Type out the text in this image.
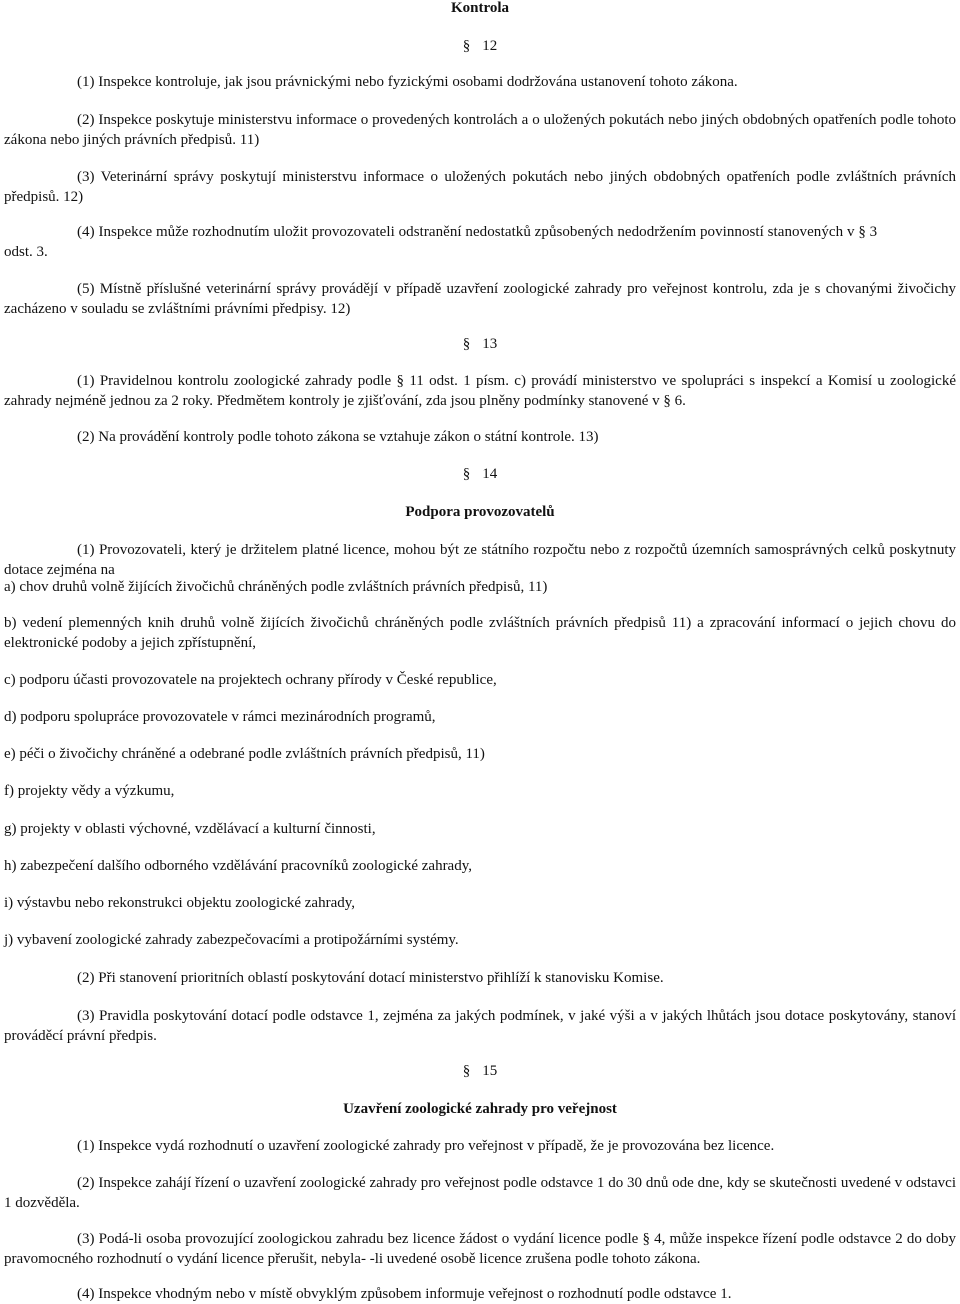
Kontrola
§ 12
(1) Inspekce kontroluje, jak jsou právnickými nebo fyzickými osobami dodržována ustanovení tohoto zákona.
(2) Inspekce poskytuje ministerstvu informace o provedených kontrolách a o uložených pokutách nebo jiných obdobných opatřeních podle tohoto zákona nebo jiných právních předpisů. 11)
(3) Veterinární správy poskytují ministerstvu informace o uložených pokutách nebo jiných obdobných opatřeních podle zvláštních právních předpisů. 12)
(4) Inspekce může rozhodnutím uložit provozovateli odstranění nedostatků způsobených nedodržením povinností stanovených v § 3
odst. 3.
(5) Místně příslušné veterinární správy provádějí v případě uzavření zoologické zahrady pro veřejnost kontrolu, zda je s chovanými živočichy zacházeno v souladu se zvláštními právními předpisy. 12)
§ 13
(1) Pravidelnou kontrolu zoologické zahrady podle § 11 odst. 1 písm. c) provádí ministerstvo ve spolupráci s inspekcí a Komisí u zoologické zahrady nejméně jednou za 2 roky. Předmětem kontroly je zjišťování, zda jsou plněny podmínky stanovené v § 6.
(2) Na provádění kontroly podle tohoto zákona se vztahuje zákon o státní kontrole. 13)
§ 14
Podpora provozovatelů
(1) Provozovateli, který je držitelem platné licence, mohou být ze státního rozpočtu nebo z rozpočtů územních samosprávných celků poskytnuty dotace zejména na
a) chov druhů volně žijících živočichů chráněných podle zvláštních právních předpisů, 11)
b) vedení plemenných knih druhů volně žijících živočichů chráněných podle zvláštních právních předpisů 11) a zpracování informací o jejich chovu do elektronické podoby a jejich zpřístupnění,
c) podporu účasti provozovatele na projektech ochrany přírody v České republice,
d) podporu spolupráce provozovatele v rámci mezinárodních programů,
e) péči o živočichy chráněné a odebrané podle zvláštních právních předpisů, 11)
f) projekty vědy a výzkumu,
g) projekty v oblasti výchovné, vzdělávací a kulturní činnosti,
h) zabezpečení dalšího odborného vzdělávání pracovníků zoologické zahrady,
i) výstavbu nebo rekonstrukci objektu zoologické zahrady,
j) vybavení zoologické zahrady zabezpečovacími a protipožárními systémy.
(2) Při stanovení prioritních oblastí poskytování dotací ministerstvo přihlíží k stanovisku Komise.
(3) Pravidla poskytování dotací podle odstavce 1, zejména za jakých podmínek, v jaké výši a v jakých lhůtách jsou dotace poskytovány, stanoví prováděcí právní předpis.
§ 15
Uzavření zoologické zahrady pro veřejnost
(1) Inspekce vydá rozhodnutí o uzavření zoologické zahrady pro veřejnost v případě, že je provozována bez licence.
(2) Inspekce zahájí řízení o uzavření zoologické zahrady pro veřejnost podle odstavce 1 do 30 dnů ode dne, kdy se skutečnosti uvedené v odstavci 1 dozvěděla.
(3) Podá-li osoba provozující zoologickou zahradu bez licence žádost o vydání licence podle § 4, může inspekce řízení podle odstavce 2 do doby pravomocného rozhodnutí o vydání licence přerušit, nebyla- -li uvedené osobě licence zrušena podle tohoto zákona.
(4) Inspekce vhodným nebo v místě obvyklým způsobem informuje veřejnost o rozhodnutí podle odstavce 1.
